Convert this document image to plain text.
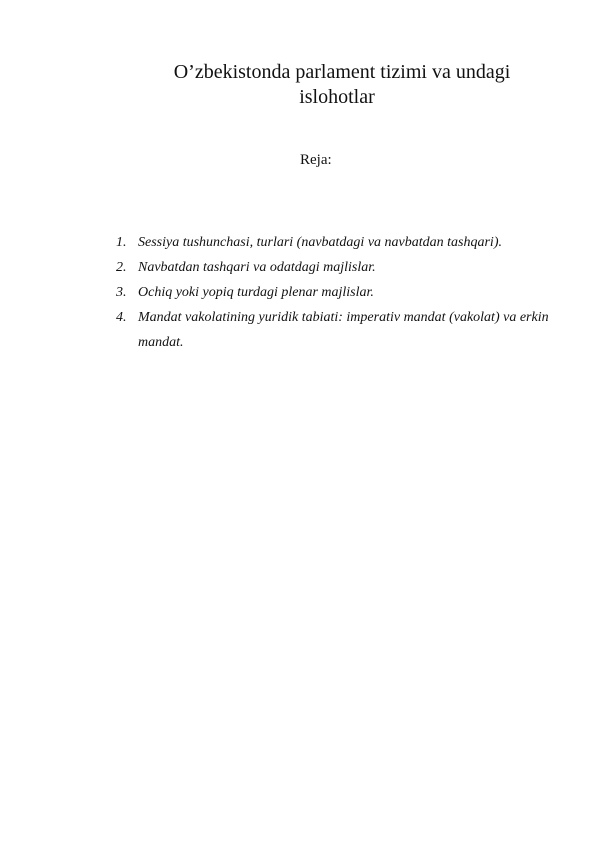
O’zbekistonda parlament tizimi va undagi
islohotlar
Reja:
1. Sessiya tushunchasi, turlari (navbatdagi va navbatdan tashqari).
2. Navbatdan tashqari va odatdagi majlislar.
3. Ochiq yoki yopiq turdagi plenar majlislar.
4. Mandat vakolatining yuridik tabiati: imperativ mandat (vakolat) va erkin mandat.
